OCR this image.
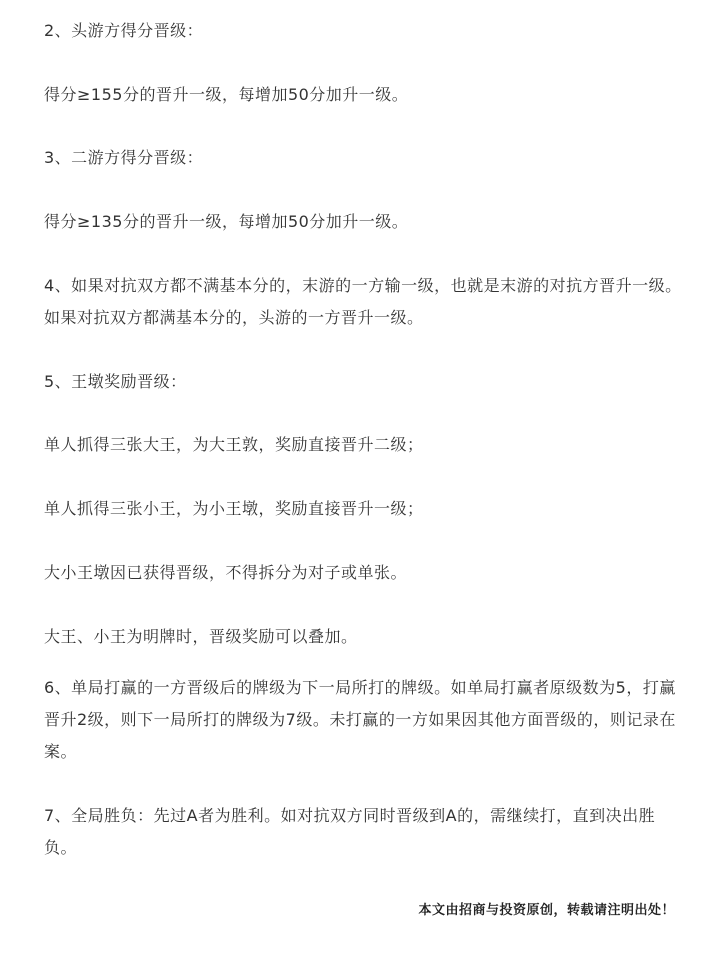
2、头游方得分晋级：
得分≥155分的晋升一级，每增加50分加升一级。
3、二游方得分晋级：
得分≥135分的晋升一级，每增加50分加升一级。
4、如果对抗双方都不满基本分的，末游的一方输一级，也就是末游的对抗方晋升一级。如果对抗双方都满基本分的，头游的一方晋升一级。
5、王墩奖励晋级：
单人抓得三张大王，为大王敦，奖励直接晋升二级；
单人抓得三张小王，为小王墩，奖励直接晋升一级；
大小王墩因已获得晋级，不得拆分为对子或单张。
大王、小王为明牌时，晋级奖励可以叠加。
6、单局打赢的一方晋级后的牌级为下一局所打的牌级。如单局打赢者原级数为5，打赢晋升2级，则下一局所打的牌级为7级。未打赢的一方如果因其他方面晋级的，则记录在案。
7、全局胜负：先过A者为胜利。如对抗双方同时晋级到A的，需继续打，直到决出胜负。
本文由招商与投资原创，转载请注明出处！
